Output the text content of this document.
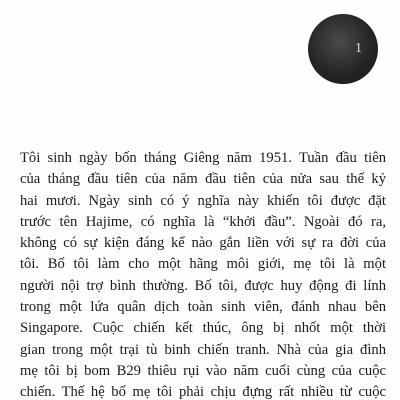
1
Tôi sinh ngày bốn tháng Giêng năm 1951. Tuần đầu tiên
của tháng đầu tiên của năm đầu tiên của nửa sau thế kỷ
hai mươi. Ngày sinh có ý nghĩa này khiến tôi được đặt
trước tên Hajime, có nghĩa là “khởi đầu”. Ngoài đó ra,
không có sự kiện đáng kể nào gắn liền với sự ra đời của
tôi. Bố tôi làm cho một hãng môi giới, mẹ tôi là một
người nội trợ bình thường. Bố tôi, được huy động đi lính
trong một lứa quân dịch toàn sinh viên, đánh nhau bên
Singapore. Cuộc chiến kết thúc, ông bị nhốt một thời
gian trong một trại tù binh chiến tranh. Nhà của gia đình
mẹ tôi bị bom B29 thiêu rụi vào năm cuối cùng của cuộc
chiến. Thế hệ bố mẹ tôi phải chịu đựng rất nhiều từ cuộc
